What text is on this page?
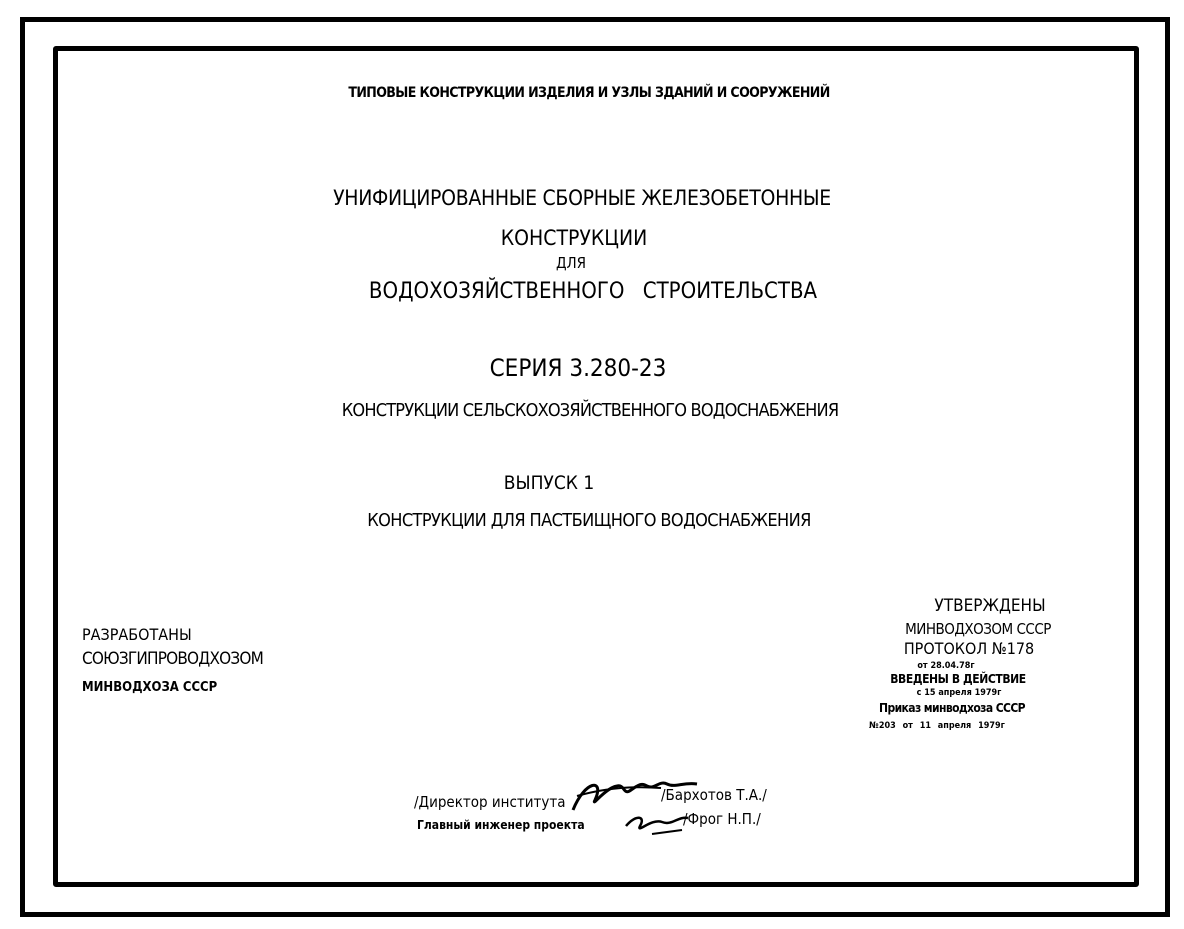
ТИПОВЫЕ КОНСТРУКЦИИ ИЗДЕЛИЯ И УЗЛЫ ЗДАНИЙ И СООРУЖЕНИЙ
УНИФИЦИРОВАННЫЕ СБОРНЫЕ ЖЕЛЕЗОБЕТОННЫЕ
КОНСТРУКЦИИ
ДЛЯ
ВОДОХОЗЯЙСТВЕННОГО СТРОИТЕЛЬСТВА
СЕРИЯ 3.280-23
КОНСТРУКЦИИ СЕЛЬСКОХОЗЯЙСТВЕННОГО ВОДОСНАБЖЕНИЯ
ВЫПУСК 1
КОНСТРУКЦИИ ДЛЯ ПАСТБИЩНОГО ВОДОСНАБЖЕНИЯ
РАЗРАБОТАНЫ
СОЮЗГИПРОВОДХОЗОМ
МИНВОДХОЗА СССР
УТВЕРЖДЕНЫ
МИНВОДХОЗОМ СССР
ПРОТОКОЛ №178
от 28.04.78г
ВВЕДЕНЫ В ДЕЙСТВИЕ
с 15 апреля 1979г
Приказ минводхоза СССР
№203 от 11 апреля 1979г
/Директор института	/Бархотов Т.А./
Главный инженер проекта	/Фрог Н.П./
